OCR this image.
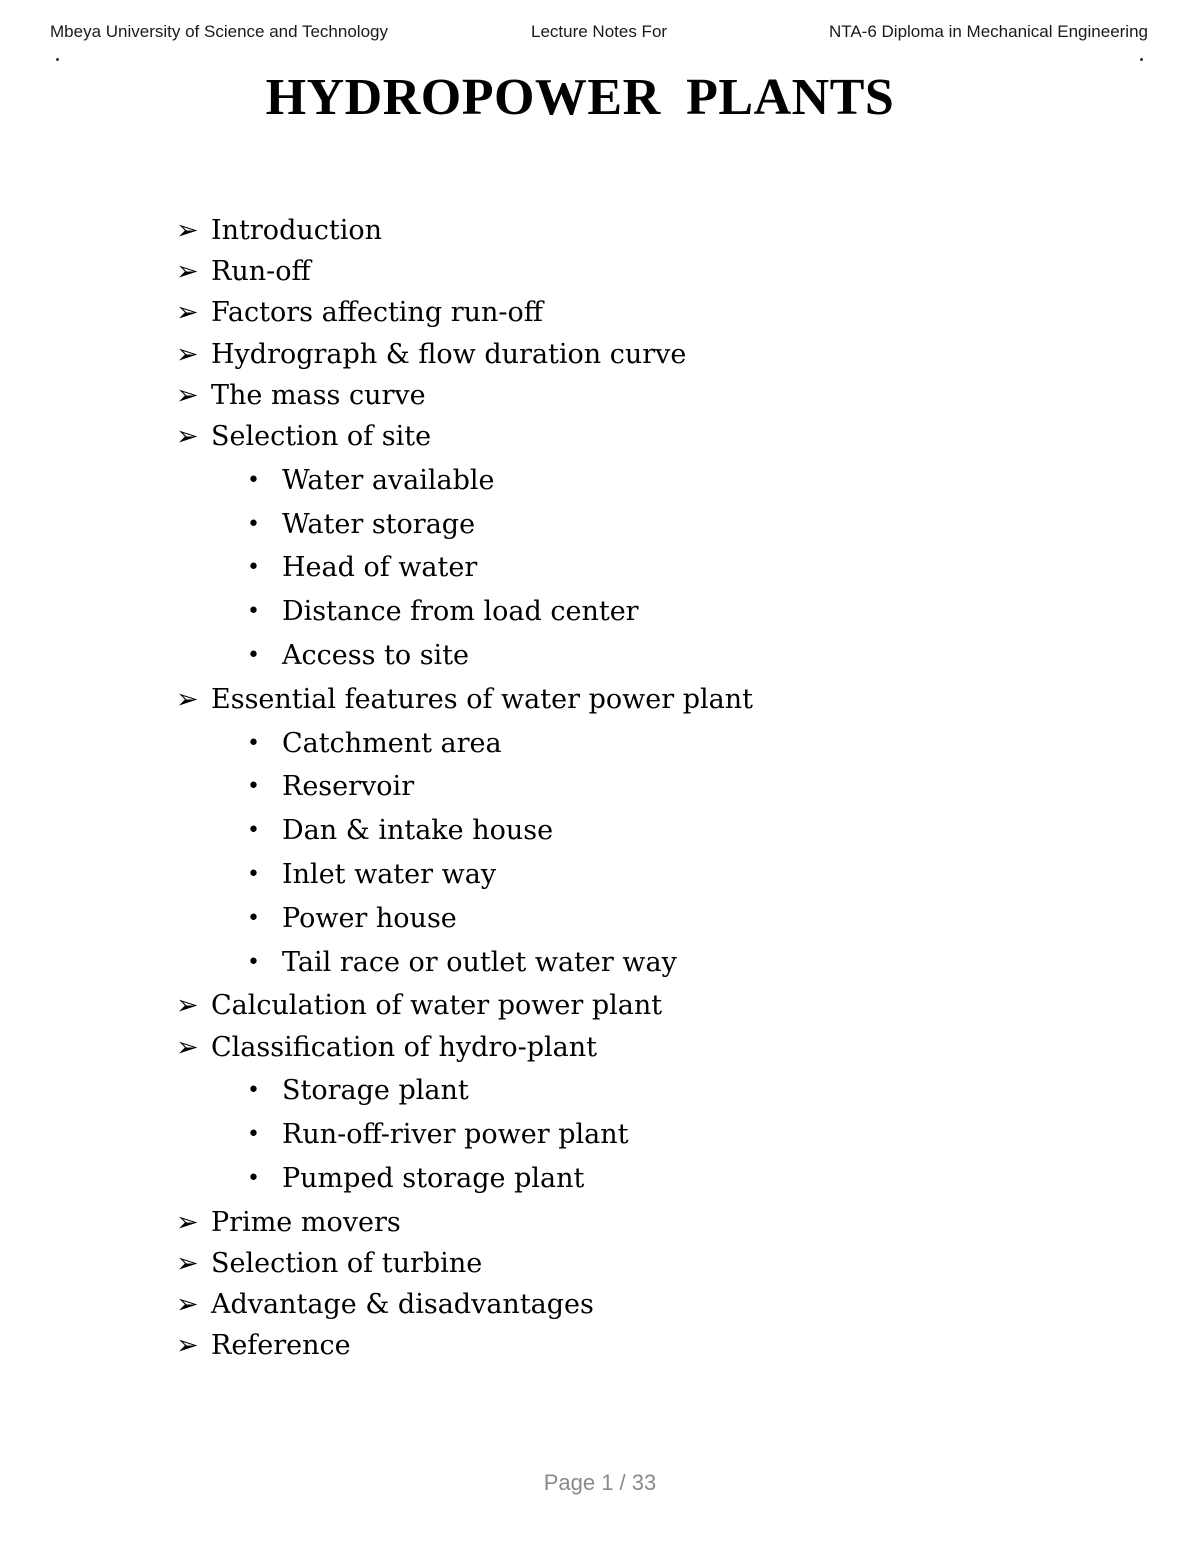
Mbeya University of Science and Technology	Lecture Notes For	NTA-6 Diploma in Mechanical Engineering
HYDROPOWER PLANTS
➢ Introduction
➢ Run-off
➢ Factors affecting run-off
➢ Hydrograph & flow duration curve
➢ The mass curve
➢ Selection of site
• Water available
• Water storage
• Head of water
• Distance from load center
• Access to site
➢ Essential features of water power plant
• Catchment area
• Reservoir
• Dan & intake house
• Inlet water way
• Power house
• Tail race or outlet water way
➢ Calculation of water power plant
➢ Classification of hydro-plant
• Storage plant
• Run-off-river power plant
• Pumped storage plant
➢ Prime movers
➢ Selection of turbine
➢ Advantage & disadvantages
➢ Reference
Page 1 / 33
